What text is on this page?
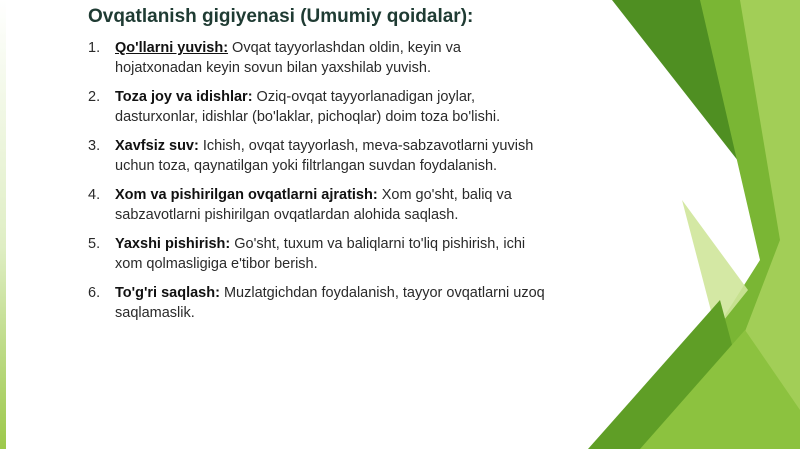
Ovqatlanish gigiyenasi (Umumiy qoidalar):
1. Qo'llarni yuvish: Ovqat tayyorlashdan oldin, keyin va hojatxonadan keyin sovun bilan yaxshilab yuvish.
2. Toza joy va idishlar: Oziq-ovqat tayyorlanadigan joylar, dasturxonlar, idishlar (bo'laklar, pichoqlar) doim toza bo'lishi.
3. Xavfsiz suv: Ichish, ovqat tayyorlash, meva-sabzavotlarni yuvish uchun toza, qaynatilgan yoki filtrlangan suvdan foydalanish.
4. Xom va pishirilgan ovqatlarni ajratish: Xom go'sht, baliq va sabzavotlarni pishirilgan ovqatlardan alohida saqlash.
5. Yaxshi pishirish: Go'sht, tuxum va baliqlarni to'liq pishirish, ichi xom qolmasligiga e'tibor berish.
6. To'g'ri saqlash: Muzlatgichdan foydalanish, tayyor ovqatlarni uzoq saqlamaslik.
